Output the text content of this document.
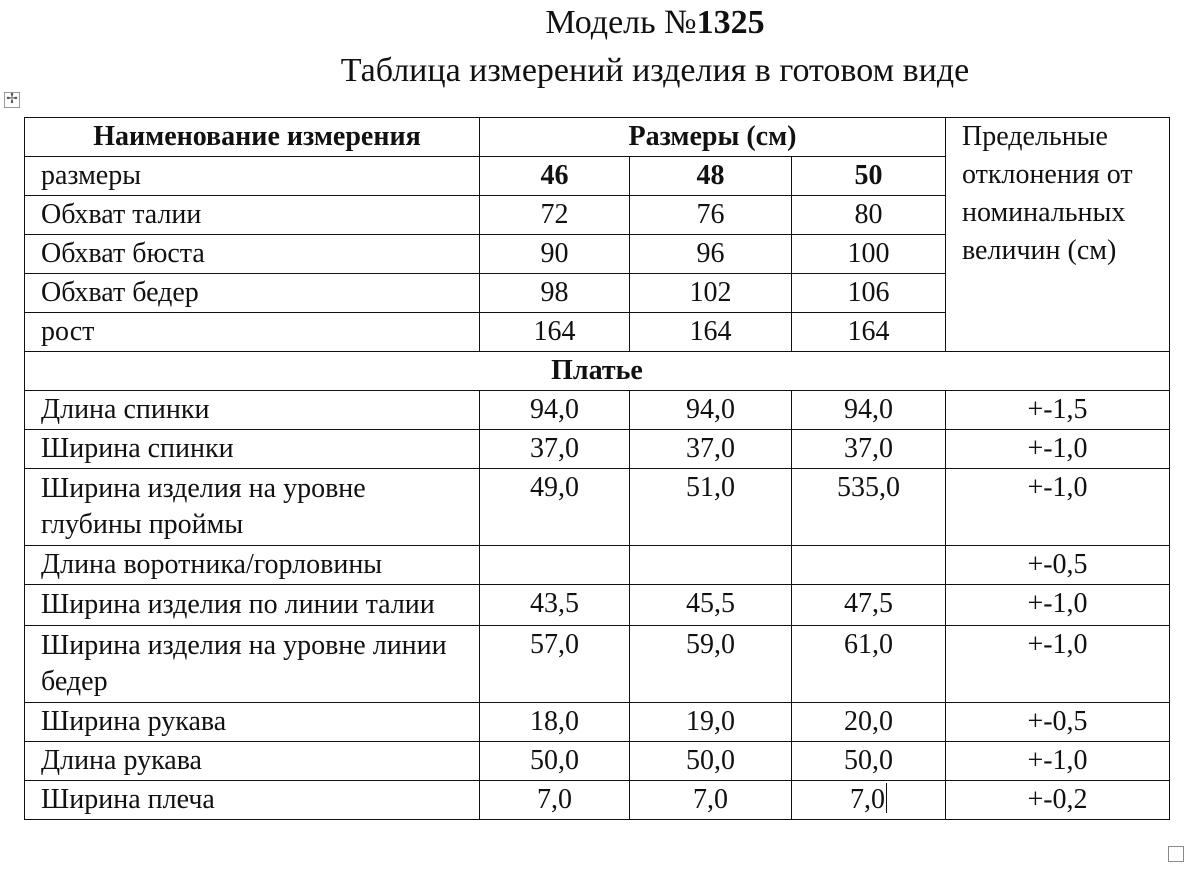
Модель №1325
Таблица измерений изделия в готовом виде
✢
Наименование измерения	Размеры (см)			Предельные отклонения от номинальных величин (см)
размеры	46	48	50	
Обхват талии	72	76	80	
Обхват бюста	90	96	100	
Обхват бедер	98	102	106	
рост	164	164	164	
Платье				
Длина спинки	94,0	94,0	94,0	+-1,5
Ширина спинки	37,0	37,0	37,0	+-1,0
Ширина изделия на уровне глубины проймы	49,0	51,0	535,0	+-1,0
Длина воротника/горловины				+-0,5
Ширина изделия по линии талии	43,5	45,5	47,5	+-1,0
Ширина изделия на уровне линии бедер	57,0	59,0	61,0	+-1,0
Ширина рукава	18,0	19,0	20,0	+-0,5
Длина рукава	50,0	50,0	50,0	+-1,0
Ширина плеча	7,0	7,0	7,0	+-0,2
